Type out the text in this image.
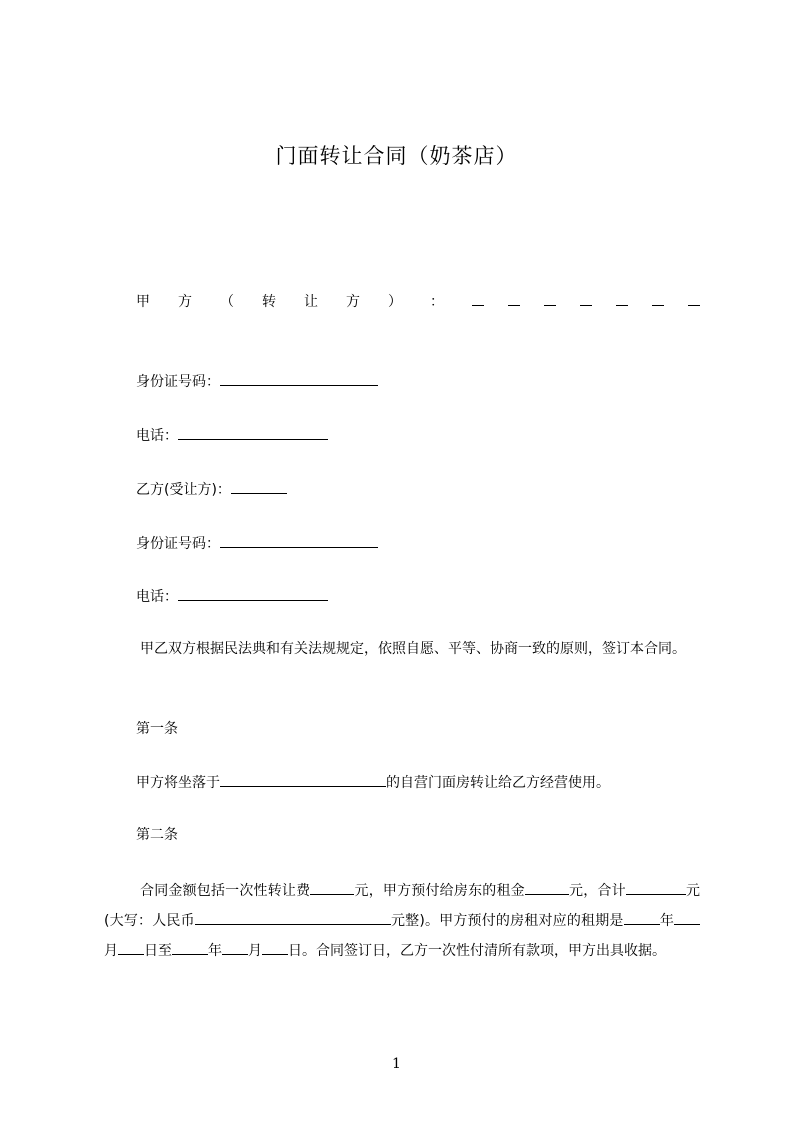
门面转让合同（奶茶店）
甲 方 （ 转 让 方 ） ：
身份证号码：
电话：
乙方(受让方)：
身份证号码：
电话：
甲乙双方根据民法典和有关法规规定，依照自愿、平等、协商一致的原则，签订本合同。
第一条
甲方将坐落于	的自营门面房转让给乙方经营使用。
第二条
合同金额包括一次性转让费	元，甲方预付给房东的租金	元，合计	元(大写：人民币	元整)。甲方预付的房租对应的租期是	年月 日至	年 月 日。合同签订日，乙方一次性付清所有款项，甲方出具收据。
1
